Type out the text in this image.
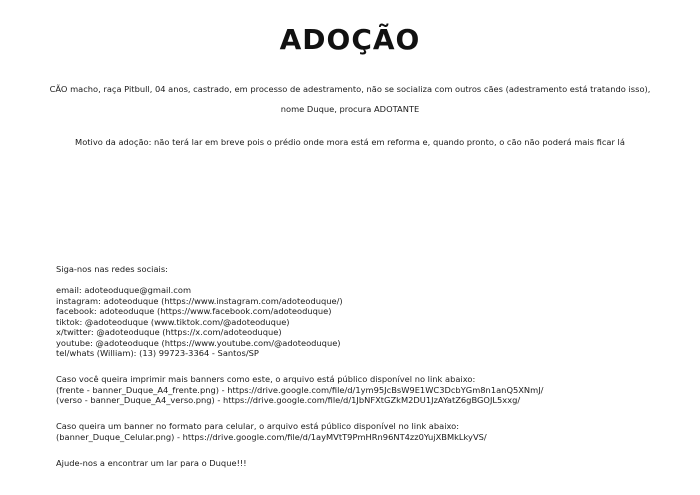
ADOÇÃO
CÃO macho, raça Pitbull, 04 anos, castrado, em processo de adestramento, não se socializa com outros cães (adestramento está tratando isso),
nome Duque, procura ADOTANTE
Motivo da adoção: não terá lar em breve pois o prédio onde mora está em reforma e, quando pronto, o cão não poderá mais ficar lá
Siga-nos nas redes sociais:
email: adoteoduque@gmail.com
instagram: adoteoduque (https://www.instagram.com/adoteoduque/)
facebook: adoteoduque (https://www.facebook.com/adoteoduque)
tiktok: @adoteoduque (www.tiktok.com/@adoteoduque)
x/twitter: @adoteoduque (https://x.com/adoteoduque)
youtube: @adoteoduque (https://www.youtube.com/@adoteoduque)
tel/whats (William): (13) 99723-3364 - Santos/SP
Caso você queira imprimir mais banners como este, o arquivo está público disponível no link abaixo:
(frente - banner_Duque_A4_frente.png) - https://drive.google.com/file/d/1ym95JcBsW9E1WC3DcbYGm8n1anQ5XNmJ/
(verso - banner_Duque_A4_verso.png) - https://drive.google.com/file/d/1JbNFXtGZkM2DU1JzAYatZ6gBGOJL5xxg/
Caso queira um banner no formato para celular, o arquivo está público disponível no link abaixo:
(banner_Duque_Celular.png) - https://drive.google.com/file/d/1ayMVtT9PmHRn96NT4zz0YujXBMkLkyVS/
Ajude-nos a encontrar um lar para o Duque!!!
